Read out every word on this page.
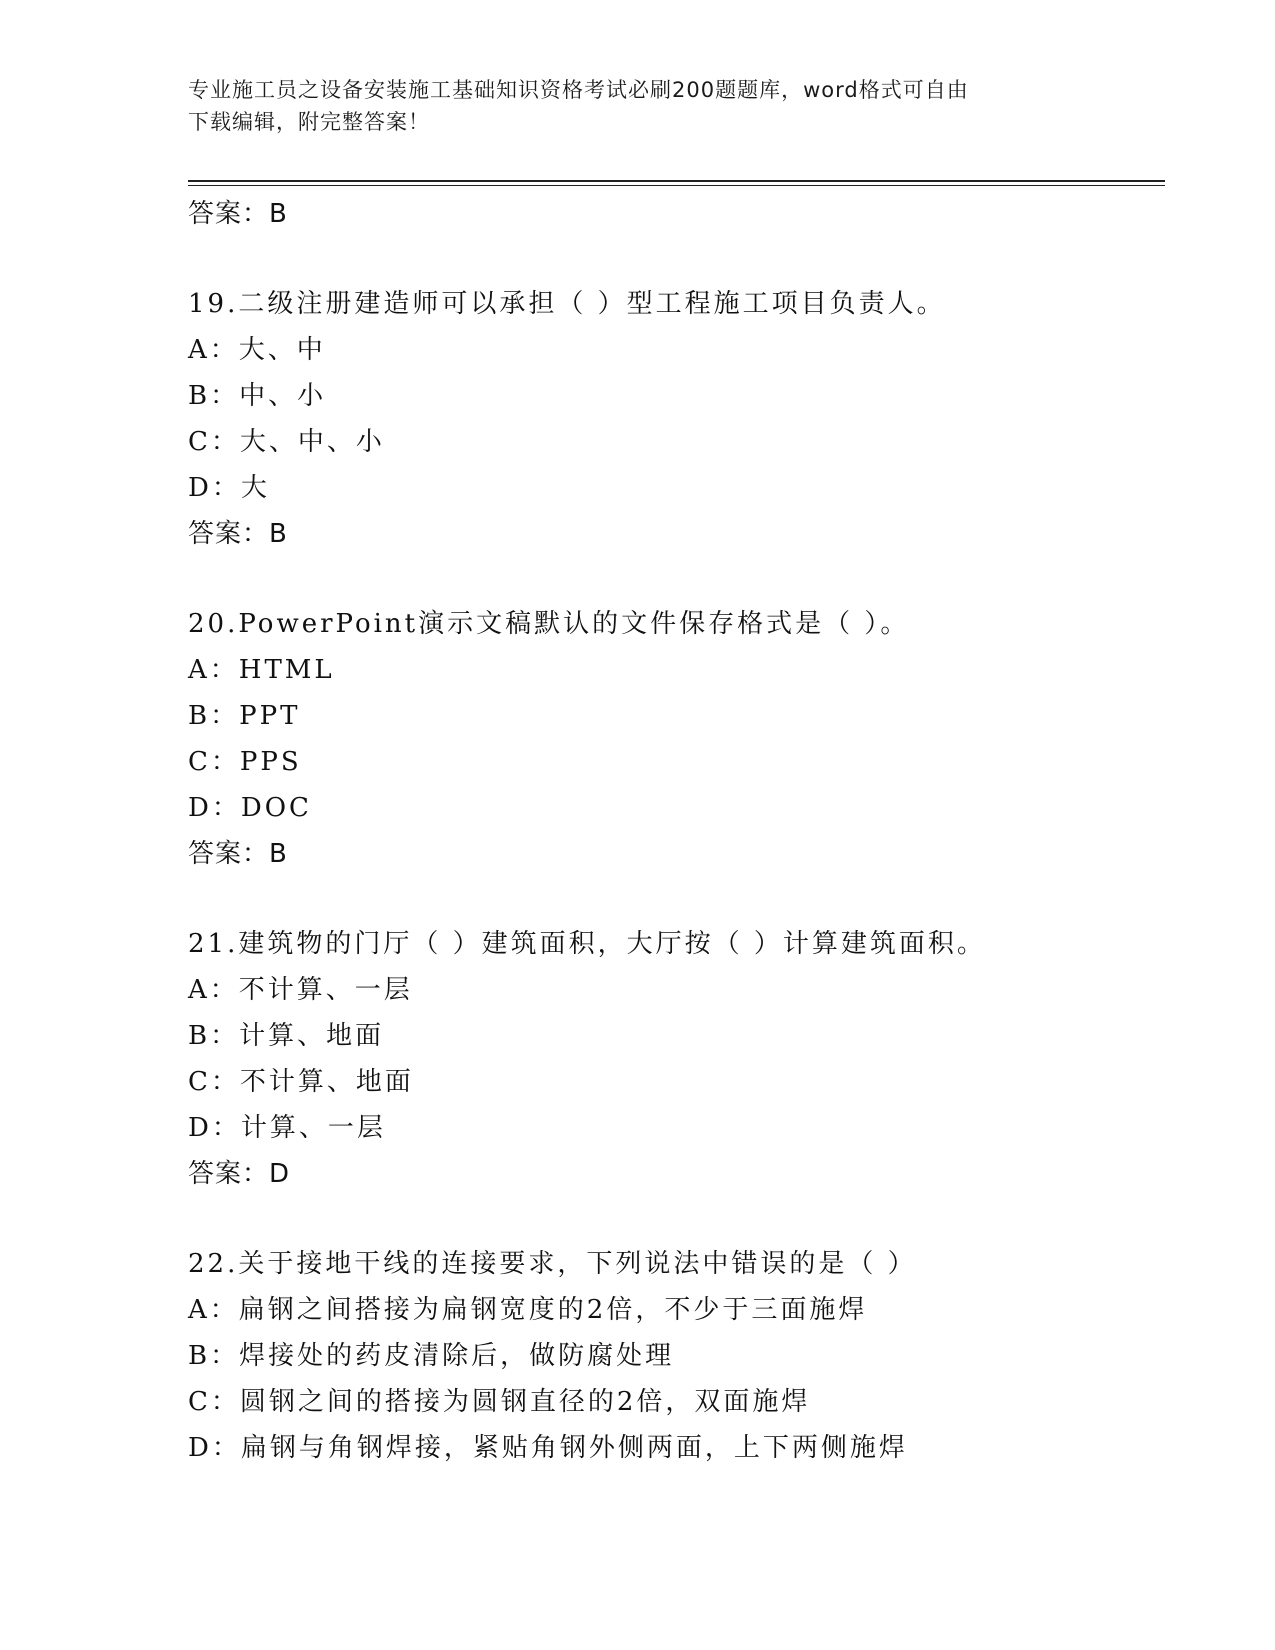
专业施工员之设备安装施工基础知识资格考试必刷200题题库，word格式可自由
下载编辑，附完整答案！
答案：B
19.二级注册建造师可以承担（ ）型工程施工项目负责人。
A：大、中
B：中、小
C：大、中、小
D：大
答案：B
20.PowerPoint演示文稿默认的文件保存格式是（ ）。
A：HTML
B：PPT
C：PPS
D：DOC
答案：B
21.建筑物的门厅（ ）建筑面积，大厅按（ ）计算建筑面积。
A：不计算、一层
B：计算、地面
C：不计算、地面
D：计算、一层
答案：D
22.关于接地干线的连接要求，下列说法中错误的是（ ）
A：扁钢之间搭接为扁钢宽度的2倍，不少于三面施焊
B：焊接处的药皮清除后，做防腐处理
C：圆钢之间的搭接为圆钢直径的2倍，双面施焊
D：扁钢与角钢焊接，紧贴角钢外侧两面，上下两侧施焊
